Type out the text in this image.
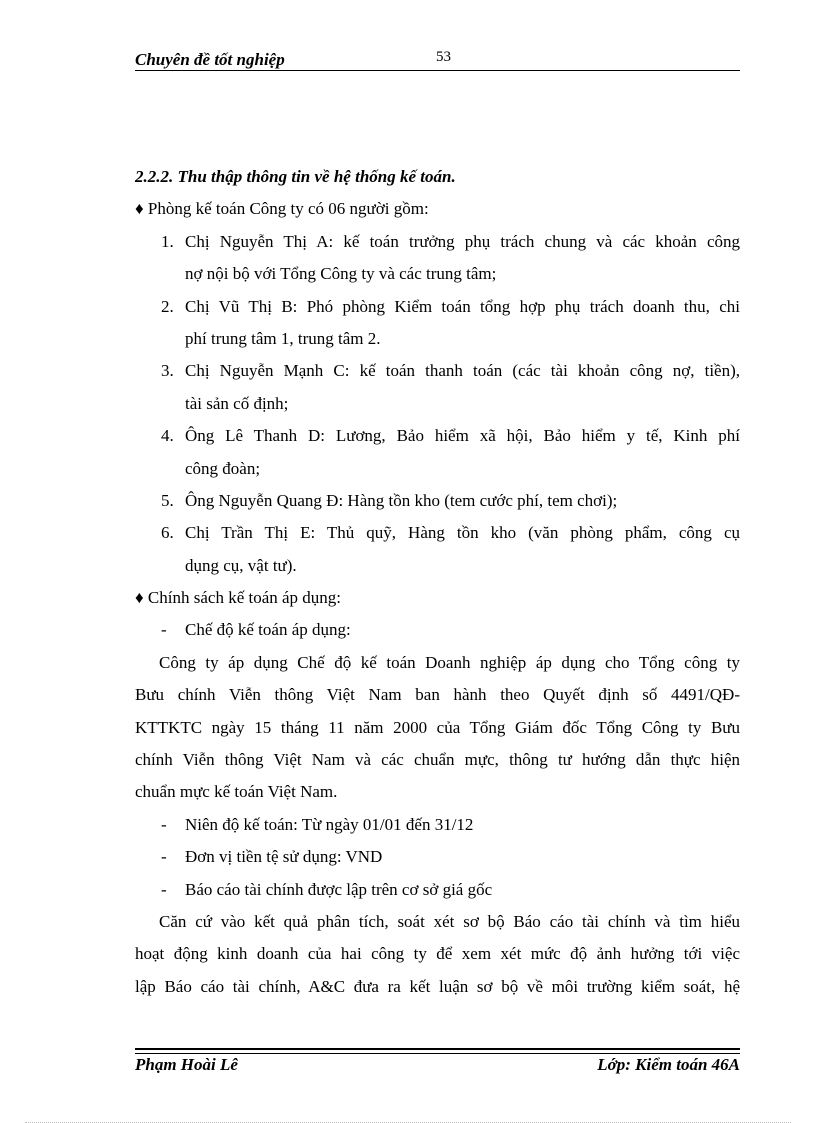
Chuyên đề tốt nghiệp	53
2.2.2. Thu thập thông tin về hệ thống kế toán.
♦ Phòng kế toán Công ty có 06 người gồm:
1. Chị Nguyễn Thị A: kế toán trưởng phụ trách chung và các khoản công
nợ nội bộ với Tổng Công ty và các trung tâm;
2. Chị Vũ Thị B: Phó phòng Kiểm toán tổng hợp phụ trách doanh thu, chi
phí trung tâm 1, trung tâm 2.
3. Chị Nguyễn Mạnh C: kế toán thanh toán (các tài khoản công nợ, tiền),
tài sản cố định;
4. Ông Lê Thanh D: Lương, Bảo hiểm xã hội, Bảo hiểm y tế, Kinh phí
công đoàn;
5. Ông Nguyễn Quang Đ: Hàng tồn kho (tem cước phí, tem chơi);
6. Chị Trần Thị E: Thủ quỹ, Hàng tồn kho (văn phòng phẩm, công cụ
dụng cụ, vật tư).
♦ Chính sách kế toán áp dụng:
- Chế độ kế toán áp dụng:
Công ty áp dụng Chế độ kế toán Doanh nghiệp áp dụng cho Tổng công ty
Bưu chính Viễn thông Việt Nam ban hành theo Quyết định số 4491/QĐ-
KTTKTC ngày 15 tháng 11 năm 2000 của Tổng Giám đốc Tổng Công ty Bưu
chính Viễn thông Việt Nam và các chuẩn mực, thông tư hướng dẫn thực hiện
chuẩn mực kế toán Việt Nam.
- Niên độ kế toán: Từ ngày 01/01 đến 31/12
- Đơn vị tiền tệ sử dụng: VND
- Báo cáo tài chính được lập trên cơ sở giá gốc
Căn cứ vào kết quả phân tích, soát xét sơ bộ Báo cáo tài chính và tìm hiểu
hoạt động kinh doanh của hai công ty để xem xét mức độ ảnh hưởng tới việc
lập Báo cáo tài chính, A&C đưa ra kết luận sơ bộ về môi trường kiểm soát, hệ
Phạm Hoài Lê	Lớp: Kiểm toán 46A
